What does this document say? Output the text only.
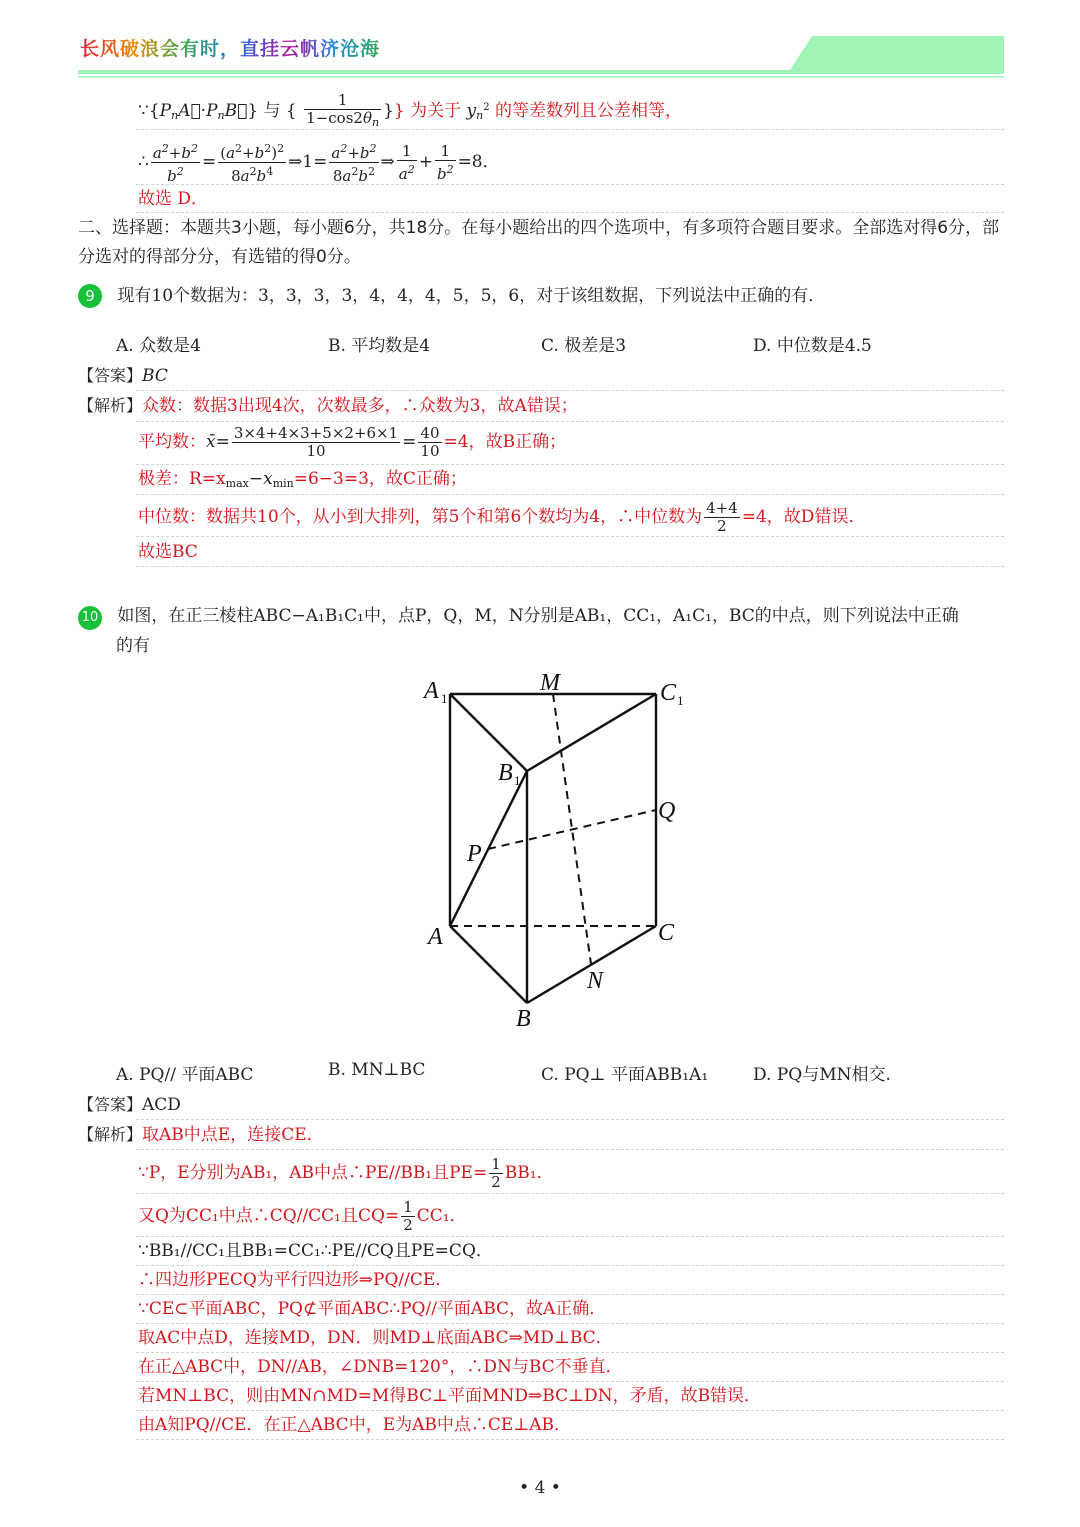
长风破浪会有时，直挂云帆济沧海
$\because\{P_nA⃗\cdot P_nB⃗\}$ 与 { $\frac{1}{1-\cos 2\theta_n}$ }} 为关于 $y_n^2$ 的等差数列且公差相等，
∴ $\frac{a^2+b^2}{b^2} = \frac{(a^2+b^2)^2}{8a^2b^4}$ ⇒1= $\frac{a^2+b^2}{8a^2b^2}$ ⇒ $\frac{1}{a^2} + \frac{1}{b^2} =8$．
故选 D．
二、选择题：本题共3小题，每小题6分，共18分。在每小题给出的四个选项中，有多项符合题目要求。全部选对得6分，部分选对的得部分分，有选错的得0分。
9 现有10个数据为：3，3，3，3，4，4，4，5，5，6，对于该组数据，下列说法中正确的有．
A. 众数是4	B. 平均数是4	C. 极差是3	D. 中位数是4.5
【答案】BC
【解析】众数：数据3出现4次，次数最多，∴众数为3，故A错误；
平均数：x̄= $\frac{3\times 4+4\times 3+5\times 2+6\times 1}{10} = \frac{40}{10} =4$，故B正确；
极差：$R=x_{max}-x_{min}=6-3=3$，故C正确；
中位数：数据共10个，从小到大排列，第5个和第6个数均为4，∴中位数为 $\frac{4+4}{2} =4$，故D错误．
故选BC
10 如图，在正三棱柱ABC−A₁B₁C₁中，点P，Q，M，N分别是AB₁，CC₁，A₁C₁，BC的中点，则下列说法中正确
的有
A 1
M	C 1
B 1
Q
P
A	C
N
B
A. PQ// 平面ABC	B. MN⊥BC	C. PQ⊥ 平面ABB₁A₁	D. PQ与MN相交.
【答案】ACD
【解析】取AB中点E，连接CE．
∵P，E分别为AB₁，AB中点∴PE//BB₁且$PE= \frac{1}{2} BB_1$．
又Q为CC₁中点∴CQ//CC₁且$CQ= \frac{1}{2} CC_1$．
∵BB₁//CC₁且BB₁=CC₁∴PE//CQ且PE=CQ．
∴四边形PECQ为平行四边形⇒PQ//CE．
∵CE⊂平面ABC，PQ⊄平面ABC∴PQ//平面ABC，故A正确．
取AC中点D，连接MD，DN．则MD⊥底面ABC⇒MD⊥BC．
在正△ABC中，DN//AB，∠DNB=120°，∴DN与BC不垂直．
若MN⊥BC，则由MN∩MD=M得BC⊥平面MND⇒BC⊥DN，矛盾，故B错误．
由A知PQ//CE．在正△ABC中，E为AB中点∴CE⊥AB．
• 4 •
